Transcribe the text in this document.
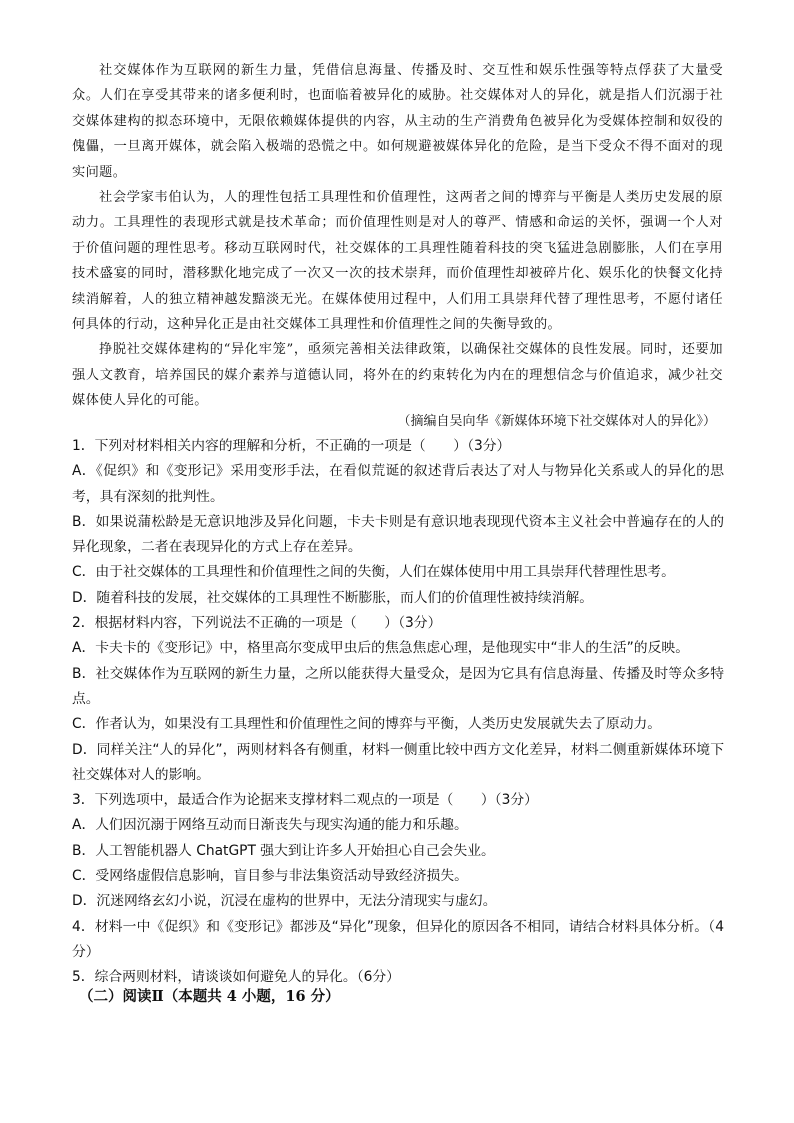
社交媒体作为互联网的新生力量，凭借信息海量、传播及时、交互性和娱乐性强等特点俘获了大量受众。人们在享受其带来的诸多便利时，也面临着被异化的威胁。社交媒体对人的异化，就是指人们沉溺于社交媒体建构的拟态环境中，无限依赖媒体提供的内容，从主动的生产消费角色被异化为受媒体控制和奴役的傀儡，一旦离开媒体，就会陷入极端的恐慌之中。如何规避被媒体异化的危险，是当下受众不得不面对的现实问题。

社会学家韦伯认为，人的理性包括工具理性和价值理性，这两者之间的博弈与平衡是人类历史发展的原动力。工具理性的表现形式就是技术革命；而价值理性则是对人的尊严、情感和命运的关怀，强调一个人对于价值问题的理性思考。移动互联网时代，社交媒体的工具理性随着科技的突飞猛进急剧膨胀，人们在享用技术盛宴的同时，潜移默化地完成了一次又一次的技术崇拜，而价值理性却被碎片化、娱乐化的快餐文化持续消解着，人的独立精神越发黯淡无光。在媒体使用过程中，人们用工具崇拜代替了理性思考，不愿付诸任何具体的行动，这种异化正是由社交媒体工具理性和价值理性之间的失衡导致的。

挣脱社交媒体建构的“异化牢笼”，亟须完善相关法律政策，以确保社交媒体的良性发展。同时，还要加强人文教育，培养国民的媒介素养与道德认同，将外在的约束转化为内在的理想信念与价值追求，减少社交媒体使人异化的可能。

（摘编自吴向华《新媒体环境下社交媒体对人的异化》）

1．下列对材料相关内容的理解和分析，不正确的一项是（　　）（3分）

A．《促织》和《变形记》采用变形手法，在看似荒诞的叙述背后表达了对人与物异化关系或人的异化的思考，具有深刻的批判性。

B．如果说蒲松龄是无意识地涉及异化问题，卡夫卡则是有意识地表现现代资本主义社会中普遍存在的人的异化现象，二者在表现异化的方式上存在差异。

C．由于社交媒体的工具理性和价值理性之间的失衡，人们在媒体使用中用工具崇拜代替理性思考。

D．随着科技的发展，社交媒体的工具理性不断膨胀，而人们的价值理性被持续消解。

2．根据材料内容，下列说法不正确的一项是（　　）（3分）

A．卡夫卡的《变形记》中，格里高尔变成甲虫后的焦急焦虑心理，是他现实中“非人的生活”的反映。

B．社交媒体作为互联网的新生力量，之所以能获得大量受众，是因为它具有信息海量、传播及时等众多特点。

C．作者认为，如果没有工具理性和价值理性之间的博弈与平衡，人类历史发展就失去了原动力。

D．同样关注“人的异化”，两则材料各有侧重，材料一侧重比较中西方文化差异，材料二侧重新媒体环境下社交媒体对人的影响。

3．下列选项中，最适合作为论据来支撑材料二观点的一项是（　　）（3分）

A．人们因沉溺于网络互动而日渐丧失与现实沟通的能力和乐趣。

B．人工智能机器人 ChatGPT 强大到让许多人开始担心自己会失业。

C．受网络虚假信息影响，盲目参与非法集资活动导致经济损失。

D．沉迷网络玄幻小说，沉浸在虚构的世界中，无法分清现实与虚幻。

4．材料一中《促织》和《变形记》都涉及“异化”现象，但异化的原因各不相同，请结合材料具体分析。（4分）

5．综合两则材料，请谈谈如何避免人的异化。（6分）

（二）阅读Ⅱ（本题共 4 小题，16 分）
